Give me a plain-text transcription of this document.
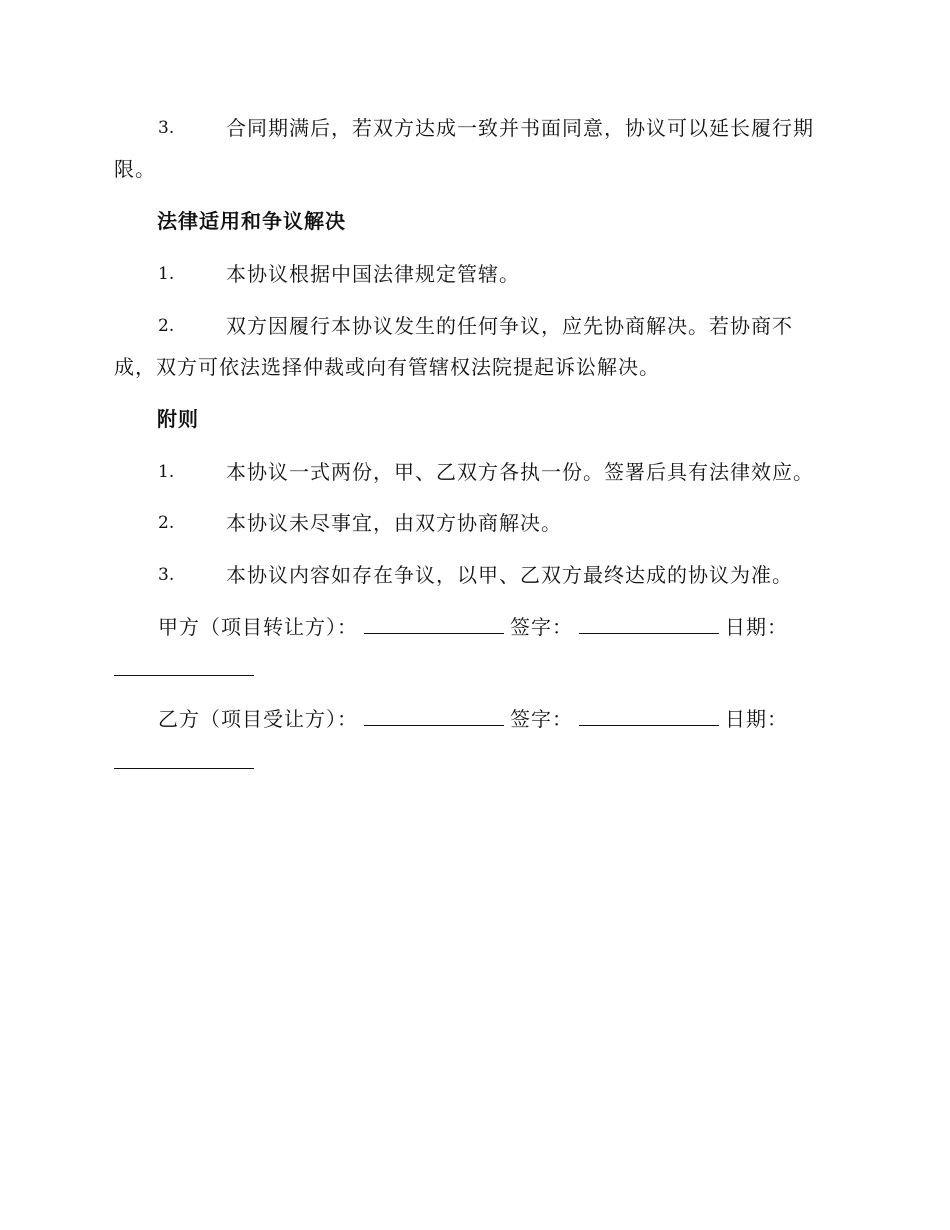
3.	合同期满后，若双方达成一致并书面同意，协议可以延长履行期
限。
法律适用和争议解决
1.	本协议根据中国法律规定管辖。
2.	双方因履行本协议发生的任何争议，应先协商解决。若协商不
成，双方可依法选择仲裁或向有管辖权法院提起诉讼解决。
附则
1.	本协议一式两份，甲、乙双方各执一份。签署后具有法律效应。
2.	本协议未尽事宜，由双方协商解决。
3.	本协议内容如存在争议，以甲、乙双方最终达成的协议为准。
甲方（项目转让方）：	签字：	日期：
乙方（项目受让方）：	签字：	日期：
